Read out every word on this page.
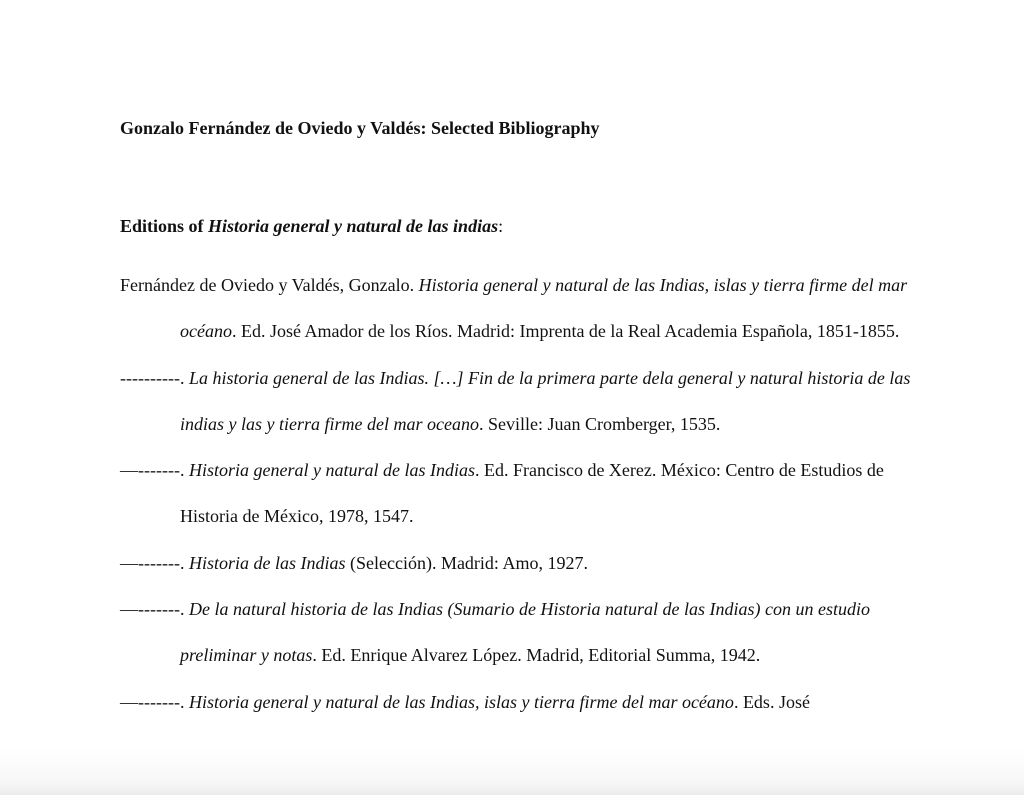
Gonzalo Fernández de Oviedo y Valdés: Selected Bibliography

Editions of Historia general y natural de las indias:

Fernández de Oviedo y Valdés, Gonzalo. Historia general y natural de las Indias, islas y tierra firme del mar océano. Ed. José Amador de los Ríos. Madrid: Imprenta de la Real Academia Española, 1851-1855.
----------. La historia general de las Indias. […] Fin de la primera parte dela general y natural historia de las indias y las y tierra firme del mar oceano. Seville: Juan Cromberger, 1535.
—-------. Historia general y natural de las Indias. Ed. Francisco de Xerez. México: Centro de Estudios de Historia de México, 1978, 1547.
—-------. Historia de las Indias (Selección). Madrid: Amo, 1927.
—-------. De la natural historia de las Indias (Sumario de Historia natural de las Indias) con un estudio preliminar y notas. Ed. Enrique Alvarez López. Madrid, Editorial Summa, 1942.
—-------. Historia general y natural de las Indias, islas y tierra firme del mar océano. Eds. José
